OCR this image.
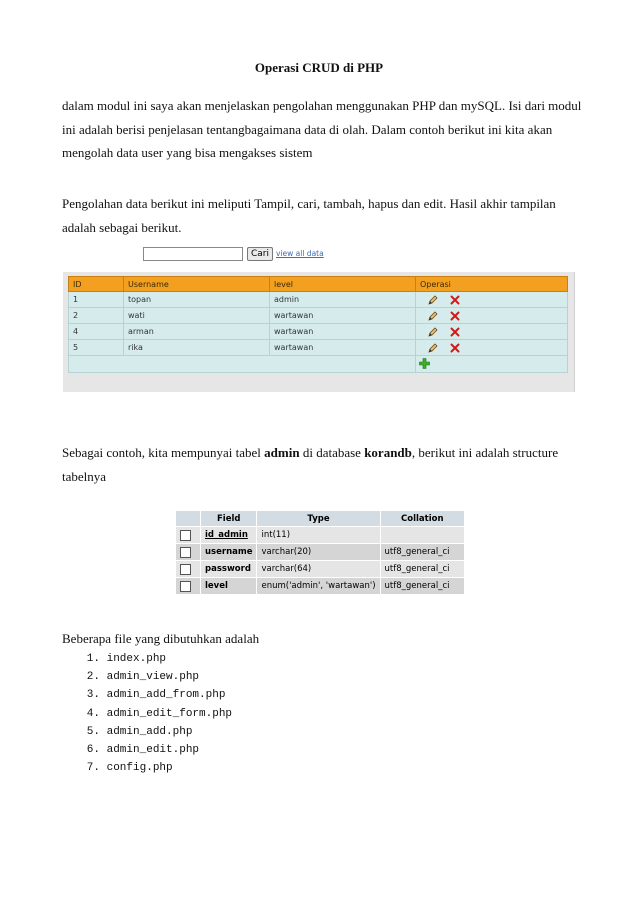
Operasi CRUD di PHP

dalam modul ini saya akan menjelaskan pengolahan menggunakan PHP dan mySQL. Isi dari modul

ini adalah berisi penjelasan tentangbagaimana data di olah. Dalam contoh berikut ini kita akan

mengolah data user yang bisa mengakses sistem

Pengolahan data berikut ini meliputi Tampil, cari, tambah, hapus dan edit. Hasil akhir tampilan

adalah sebagai berikut.

Cari view all data
ID	Username	level	Operasi
1	topan	admin	

2	wati	wartawan	

4	arman	wartawan	

5	rika	wartawan	

Sebagai contoh, kita mempunyai tabel admin di database korandb, berikut ini adalah structure

tabelnya

	Field	Type	Collation
	id_admin	int(11)	
	username	varchar(20)	utf8_general_ci
	password	varchar(64)	utf8_general_ci
	level	enum('admin', 'wartawan')	utf8_general_ci
Beberapa file yang dibutuhkan adalah
1. index.php
2. admin_view.php
3. admin_add_from.php
4. admin_edit_form.php
5. admin_add.php
6. admin_edit.php
7. config.php
